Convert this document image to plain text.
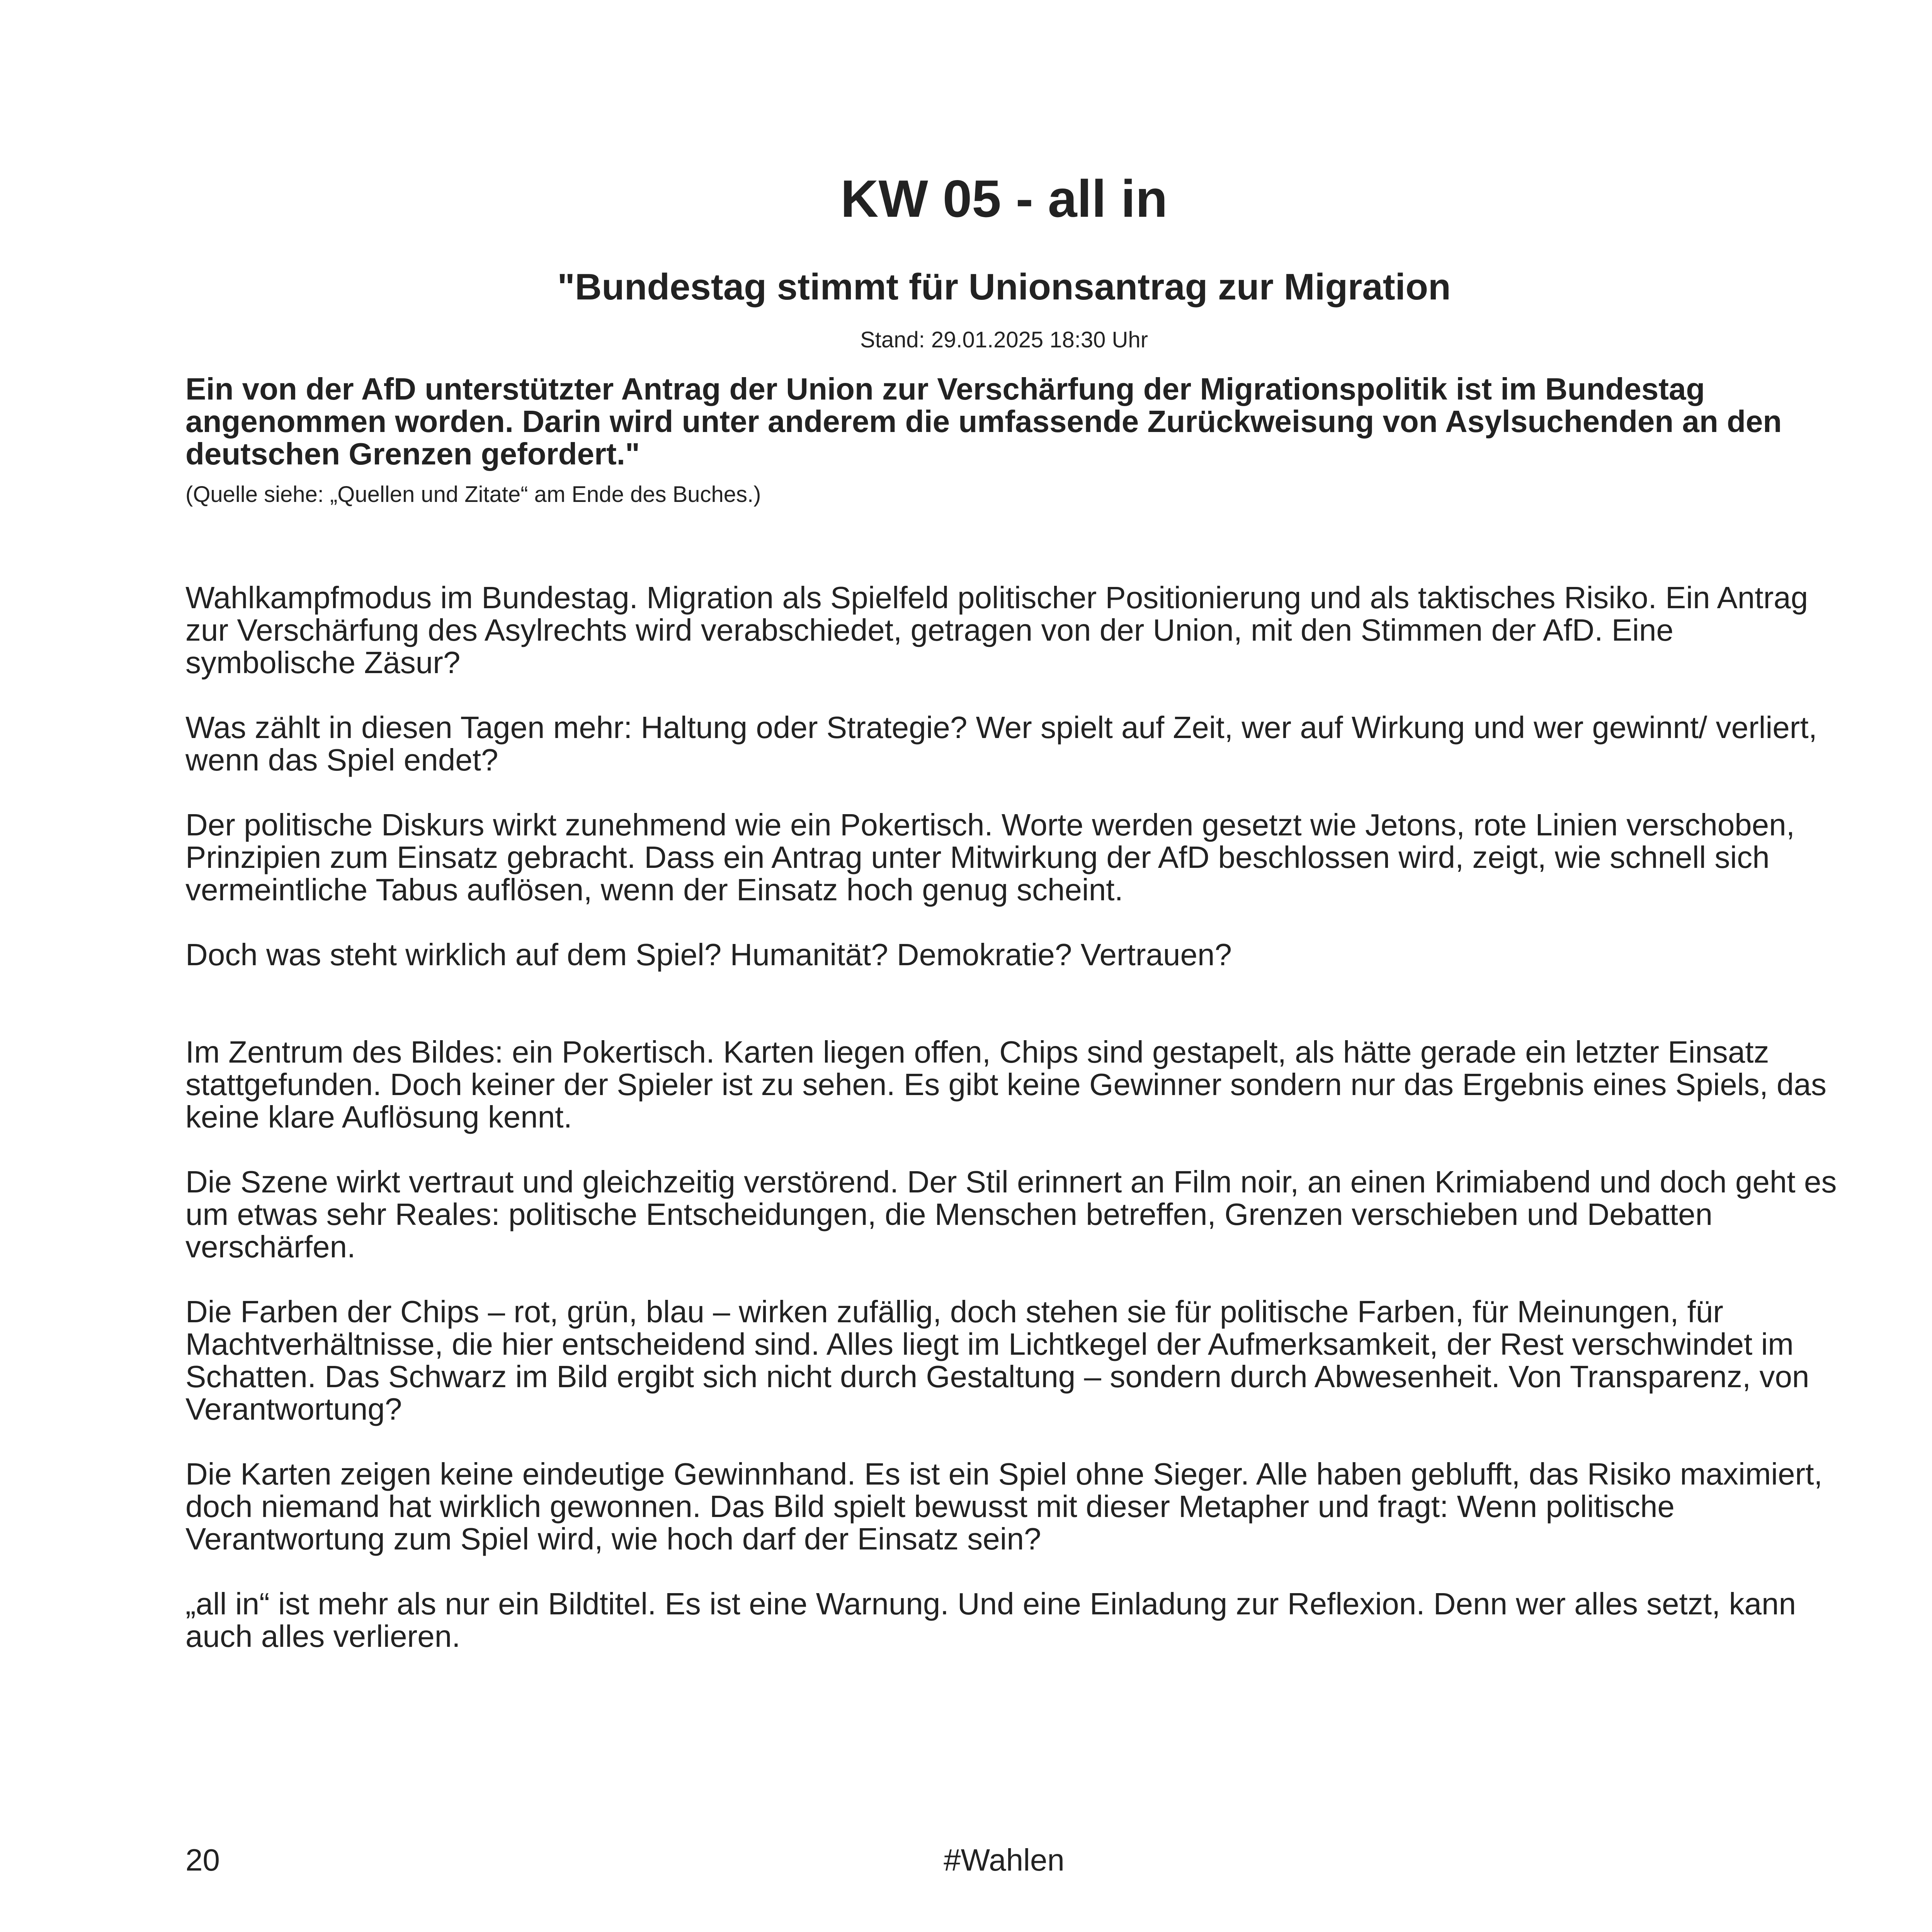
KW 05 - all in
"Bundestag stimmt für Unionsantrag zur Migration
Stand: 29.01.2025 18:30 Uhr

Ein von der AfD unterstützter Antrag der Union zur Verschärfung der Migrationspolitik ist im Bundestag angenommen worden. Darin wird unter anderem die umfassende Zurückweisung von Asylsuchenden an den deutschen Grenzen gefordert."

(Quelle siehe: „Quellen und Zitate“ am Ende des Buches.)

Wahlkampfmodus im Bundestag. Migration als Spielfeld politischer Positionierung und als taktisches Risiko. Ein Antrag zur Verschärfung des Asylrechts wird verabschiedet, getragen von der Union, mit den Stimmen der AfD. Eine symbolische Zäsur?

Was zählt in diesen Tagen mehr: Haltung oder Strategie? Wer spielt auf Zeit, wer auf Wirkung und wer gewinnt/ verliert, wenn das Spiel endet?

Der politische Diskurs wirkt zunehmend wie ein Pokertisch. Worte werden gesetzt wie Jetons, rote Linien verschoben, Prinzipien zum Einsatz gebracht. Dass ein Antrag unter Mitwirkung der AfD beschlossen wird, zeigt, wie schnell sich vermeintliche Tabus auflösen, wenn der Einsatz hoch genug scheint.

Doch was steht wirklich auf dem Spiel? Humanität? Demokratie? Vertrauen?

Im Zentrum des Bildes: ein Pokertisch. Karten liegen offen, Chips sind gestapelt, als hätte gerade ein letzter Einsatz stattgefunden. Doch keiner der Spieler ist zu sehen. Es gibt keine Gewinner sondern nur das Ergebnis eines Spiels, das keine klare Auflösung kennt.

Die Szene wirkt vertraut und gleichzeitig verstörend. Der Stil erinnert an Film noir, an einen Krimiabend und doch geht es um etwas sehr Reales: politische Entscheidungen, die Menschen betreffen, Grenzen verschieben und Debatten verschärfen.

Die Farben der Chips – rot, grün, blau – wirken zufällig, doch stehen sie für politische Farben, für Meinungen, für Machtverhältnisse, die hier entscheidend sind. Alles liegt im Lichtkegel der Aufmerksamkeit, der Rest verschwindet im Schatten. Das Schwarz im Bild ergibt sich nicht durch Gestaltung – sondern durch Abwesenheit. Von Transparenz, von Verantwortung?

Die Karten zeigen keine eindeutige Gewinnhand. Es ist ein Spiel ohne Sieger. Alle haben geblufft, das Risiko maximiert, doch niemand hat wirklich gewonnen. Das Bild spielt bewusst mit dieser Metapher und fragt: Wenn politische Verantwortung zum Spiel wird, wie hoch darf der Einsatz sein?

„all in“ ist mehr als nur ein Bildtitel. Es ist eine Warnung. Und eine Einladung zur Reflexion. Denn wer alles setzt, kann auch alles verlieren.

20	#Wahlen
